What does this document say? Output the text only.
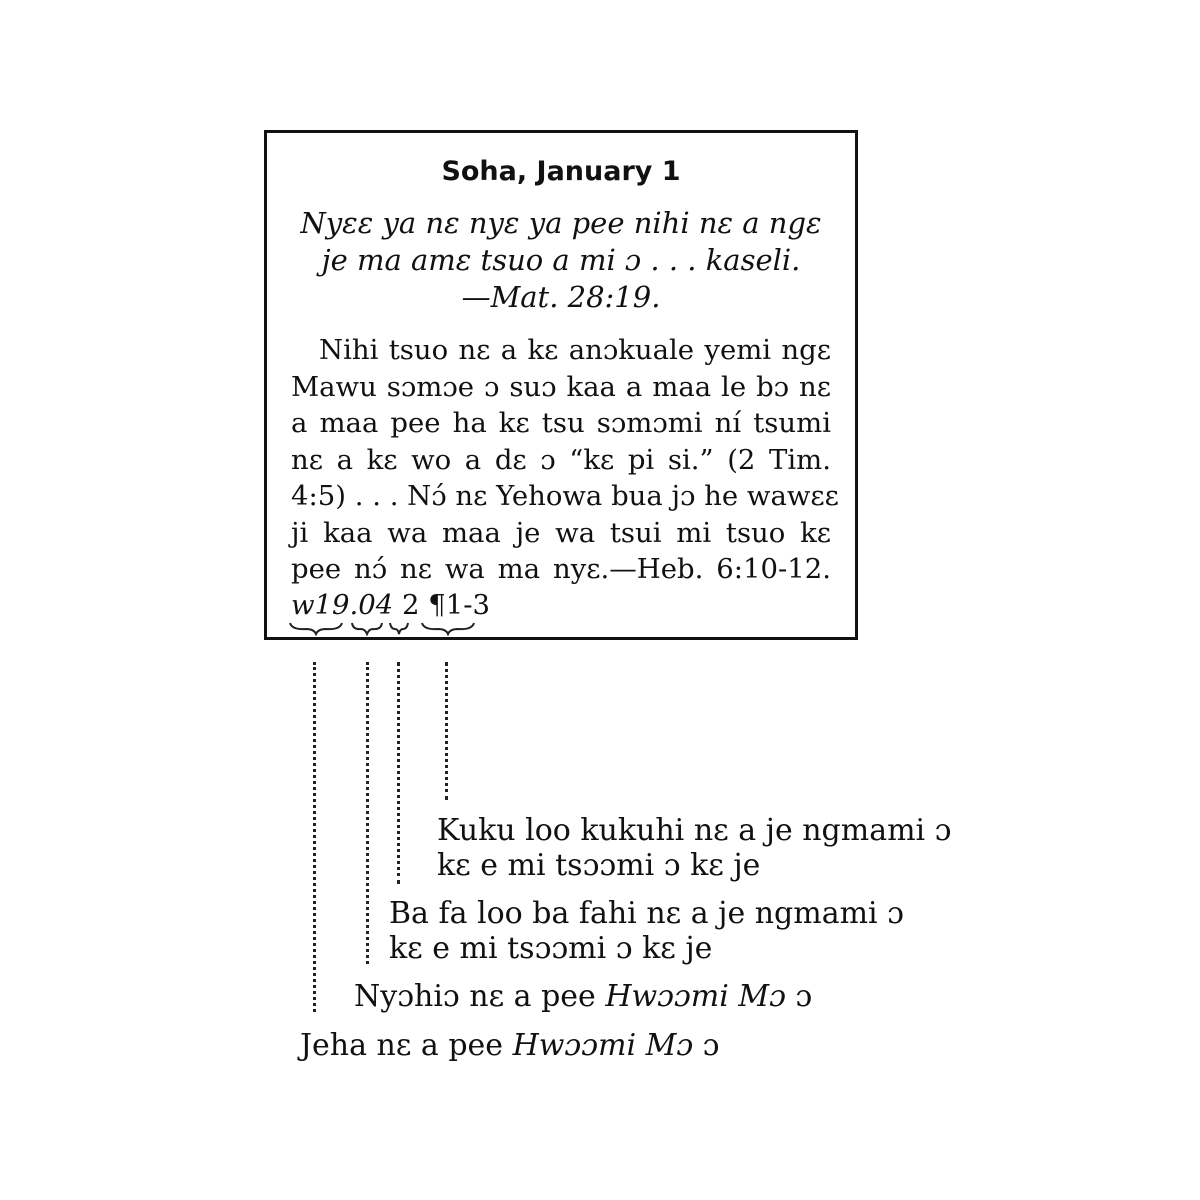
Soha, January 1
Nyεε ya nε nyε ya pee nihi nε a ngε
je ma amε tsuo a mi ɔ . . . kaseli.
—Mat. 28:19.
Nihi tsuo nε a kε anɔkuale yemi ngε
Mawu sɔmɔe ɔ suɔ kaa a maa le bɔ nε
a maa pee ha kε tsu sɔmɔmi ní tsumi
nε a kε wo a dε ɔ “kε pi si.” (2 Tim.
4:5) . . . Nɔ́ nε Yehowa bua jɔ he wawεε
ji kaa wa maa je wa tsui mi tsuo kε
pee nɔ́ nε wa ma nyε.—Heb. 6:10-12.
w19.04 2 ¶1-3
Kuku loo kukuhi nε a je ngmami ɔ
kε e mi tsɔɔmi ɔ kε je
Ba fa loo ba fahi nε a je ngmami ɔ
kε e mi tsɔɔmi ɔ kε je
Nyɔhiɔ nε a pee Hwɔɔmi Mɔ ɔ
Jeha nε a pee Hwɔɔmi Mɔ ɔ
